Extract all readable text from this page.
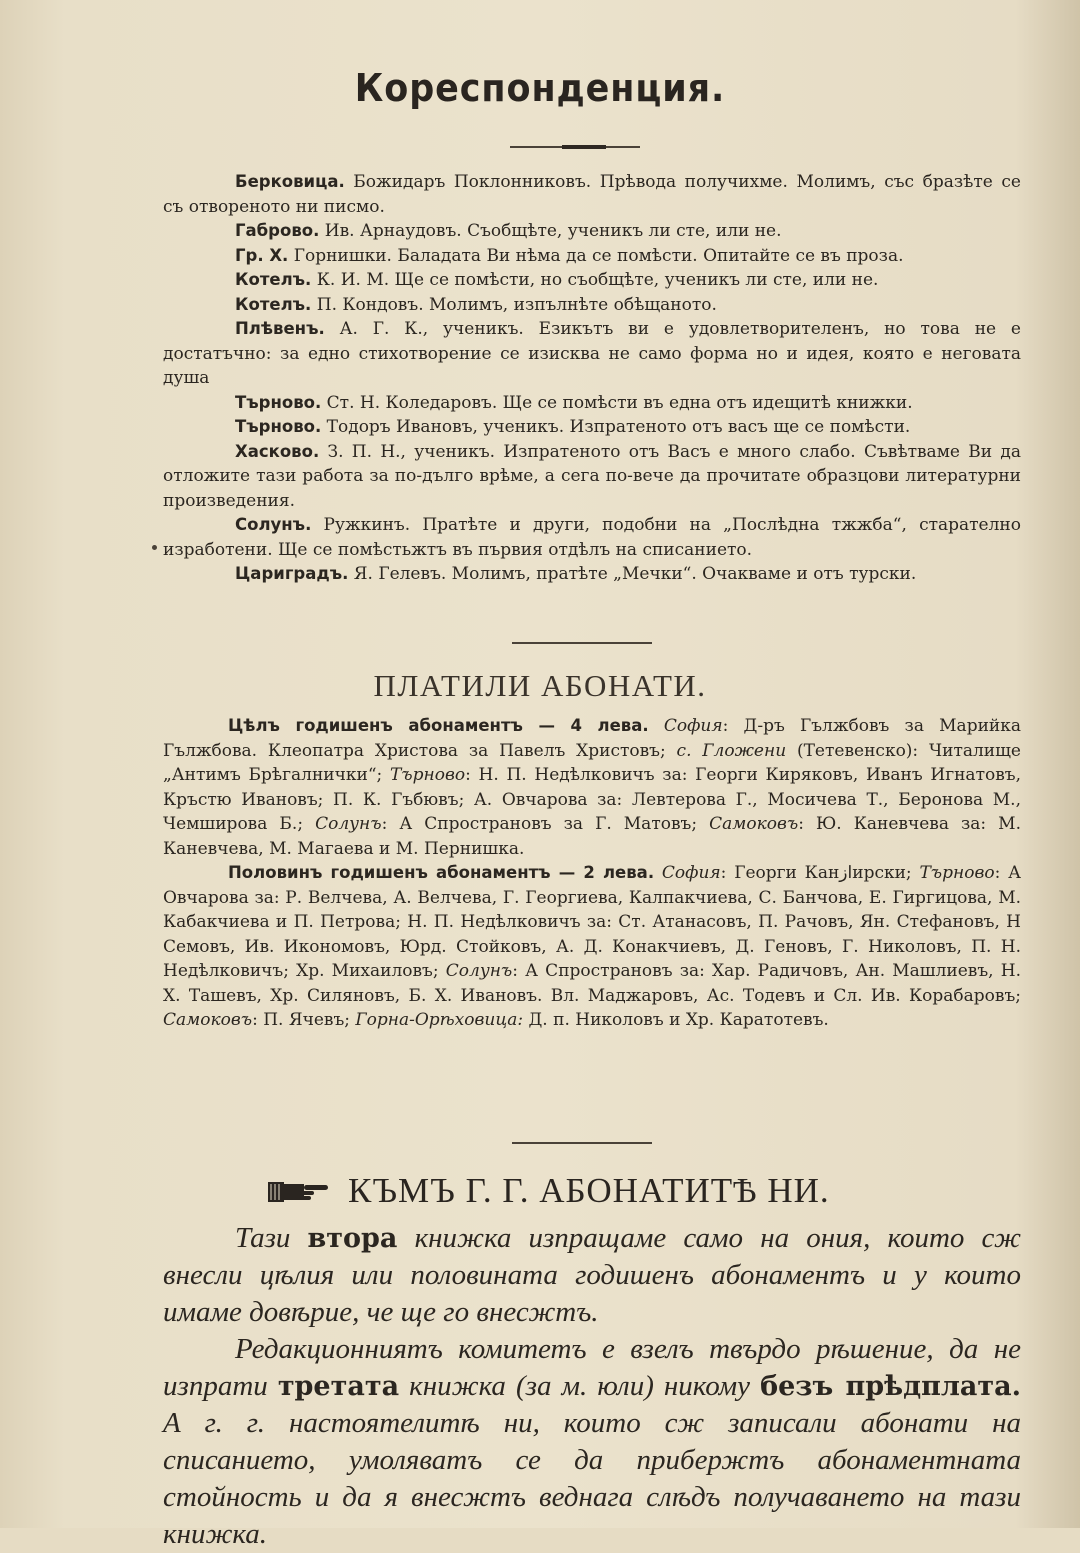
Кореспонденция.

Берковица. Божидаръ Поклонниковъ. Прѣвода получихме. Молимъ, със бразѣте се съ отвореното ни писмо.

Габрово. Ив. Арнаудовъ. Съобщѣте, ученикъ ли сте, или не.

Гр. Х. Горнишки. Баладата Ви нѣма да се помѣсти. Опитайте се въ проза.

Котелъ. К. И. М. Ще се помѣсти, но съобщѣте, ученикъ ли сте, или не.

Котелъ. П. Кондовъ. Молимъ, изпълнѣте обѣщаното.

Плѣвенъ. А. Г. К., ученикъ. Езикътъ ви е удовлетворителенъ, но това не е достатъчно: за едно стихотворение се изисква не само форма но и идея, която е неговата душа

Търново. Ст. Н. Коледаровъ. Ще се помѣсти въ една отъ идещитѣ книжки.

Търново. Тодоръ Ивановъ, ученикъ. Изпратеното отъ васъ ще се помѣсти.

Хасково. З. П. Н., ученикъ. Изпратеното отъ Васъ е много слабо. Съвѣтваме Ви да отложите тази работа за по-дълго врѣме, а сега по-вече да прочитате образцови литературни произведения.

Солунъ. Ружкинъ. Пратѣте и други, подобни на „Послѣдна тжжба“, старателно изработени. Ще се помѣстьжтъ въ първия отдѣлъ на списанието.

Цариградъ. Я. Гелевъ. Молимъ, пратѣте „Мечки“. Очакваме и отъ турски.

ПЛАТИЛИ АБОНАТИ.

Цѣлъ годишенъ абонаментъ — 4 лева. София: Д-ръ Гължбовъ за Марийка Гължбова. Клеопатра Христова за Павелъ Христовъ; с. Гложени (Тетевенско): Читалище „Антимъ Брѣгалнички“; Търново: Н. П. Недѣлковичъ за: Георги Киряковъ, Иванъ Игнатовъ, Кръстю Ивановъ; П. К. Гъбювъ; А. Овчарова за: Левтерова Г., Мосичева Т., Беронова М., Чемширова Б.; Солунъ: А Спространовъ за Г. Матовъ; Самоковъ: Ю. Каневчева за: М. Каневчева, М. Магаева и М. Пернишка.

Половинъ годишенъ абонаментъ — 2 лева. София: Георги Канازирски; Търново: А Овчарова за: Р. Велчева, А. Велчева, Г. Георгиева, Калпакчиева, С. Банчова, Е. Гиргицова, М. Кабакчиева и П. Петрова; Н. П. Недѣлковичъ за: Ст. Атанасовъ, П. Рачовъ, Ян. Стефановъ, Н Семовъ, Ив. Икономовъ, Юрд. Стойковъ, А. Д. Конакчиевъ, Д. Геновъ, Г. Николовъ, П. Н. Недѣлковичъ; Хр. Михаиловъ; Солунъ: А Спространовъ за: Хар. Радичовъ, Ан. Машлиевъ, Н. Х. Ташевъ, Хр. Силяновъ, Б. Х. Ивановъ. Вл. Маджаровъ, Ас. Тодевъ и Сл. Ив. Корабаровъ; Самоковъ: П. Ячевъ; Горна-Орѣховица: Д. п. Николовъ и Хр. Каратотевъ.

КЪМЪ Г. Г. АБОНАТИТѢ НИ.

Тази втора книжка изпращаме само на ония, които сж внесли цѣлия или половината годишенъ абонаментъ и у които имаме довѣрие, че ще го внесжтъ.

Редакционниятъ комитетъ е взелъ твърдо рѣшение, да не изпрати третата книжка (за м. юли) никому безъ прѣдплата. А г. г. настоятелитѣ ни, които сж записали абонати на списанието, умоляватъ се да прибержтъ абонаментната стойность и да я внесжтъ веднага слѣдъ получаването на тази книжка.
